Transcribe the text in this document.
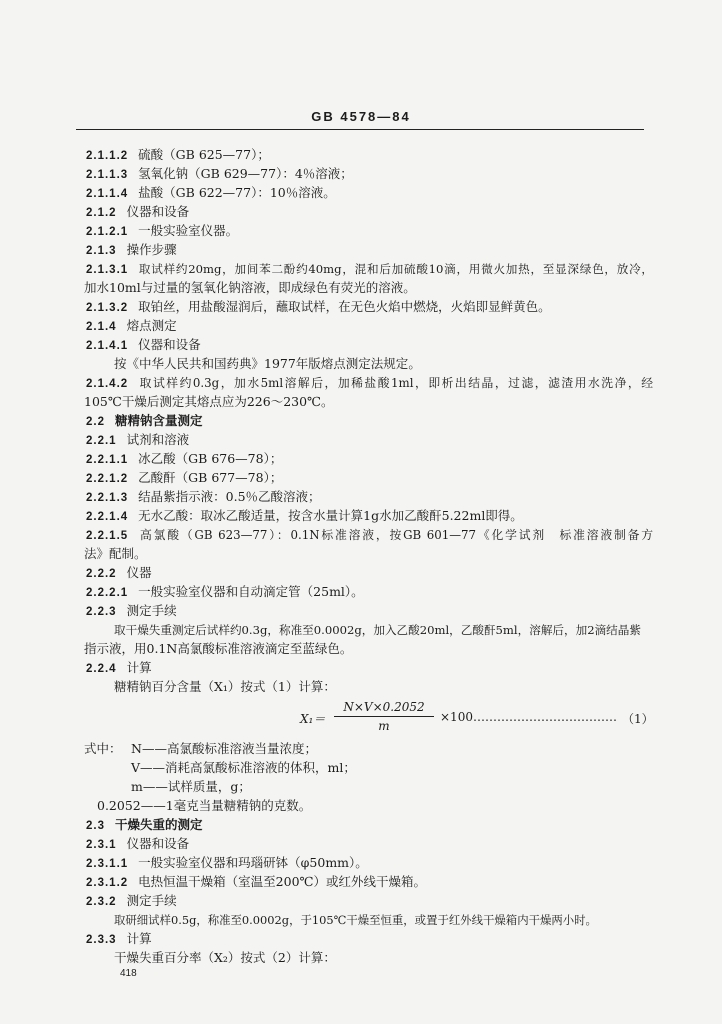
GB 4578—84
2.1.1.2 硫酸（GB 625—77）；
2.1.1.3 氢氧化钠（GB 629—77）：4％溶液；
2.1.1.4 盐酸（GB 622—77）：10％溶液。
2.1.2 仪器和设备
2.1.2.1 一般实验室仪器。
2.1.3 操作步骤
2.1.3.1 取试样约20mg，加间苯二酚约40mg，混和后加硫酸10滴，用微火加热，至显深绿色，放冷，
加水10ml与过量的氢氧化钠溶液，即成绿色有荧光的溶液。
2.1.3.2 取铂丝，用盐酸湿润后，蘸取试样，在无色火焰中燃烧，火焰即显鲜黄色。
2.1.4 熔点测定
2.1.4.1 仪器和设备
按《中华人民共和国药典》1977年版熔点测定法规定。
2.1.4.2 取试样约0.3g，加水5ml溶解后，加稀盐酸1ml，即析出结晶，过滤，滤渣用水洗净，经
105℃干燥后测定其熔点应为226～230℃。
2.2 糖精钠含量测定
2.2.1 试剂和溶液
2.2.1.1 冰乙酸（GB 676—78）；
2.2.1.2 乙酸酐（GB 677—78）；
2.2.1.3 结晶紫指示液：0.5％乙酸溶液；
2.2.1.4 无水乙酸：取冰乙酸适量，按含水量计算1g水加乙酸酐5.22ml即得。
2.2.1.5 高氯酸（GB 623—77）：0.1N标准溶液，按GB 601—77《化学试剂　标准溶液制备方
法》配制。
2.2.2 仪器
2.2.2.1 一般实验室仪器和自动滴定管（25ml）。
2.2.3 测定手续
取干燥失重测定后试样约0.3g，称准至0.0002g，加入乙酸20ml，乙酸酐5ml，溶解后，加2滴结晶紫
指示液，用0.1N高氯酸标准溶液滴定至蓝绿色。
2.2.4 计算
糖精钠百分含量（X₁）按式（1）计算：
X₁＝
N×V×0.2052
m
×100……………………………… （1）
式中： N——高氯酸标准溶液当量浓度；
V——消耗高氯酸标准溶液的体积，ml；
m——试样质量，g；
0.2052——1毫克当量糖精钠的克数。
2.3 干燥失重的测定
2.3.1 仪器和设备
2.3.1.1 一般实验室仪器和玛瑙研钵（φ50mm）。
2.3.1.2 电热恒温干燥箱（室温至200℃）或红外线干燥箱。
2.3.2 测定手续
取研细试样0.5g，称准至0.0002g，于105℃干燥至恒重，或置于红外线干燥箱内干燥两小时。
2.3.3 计算
干燥失重百分率（X₂）按式（2）计算：
418
